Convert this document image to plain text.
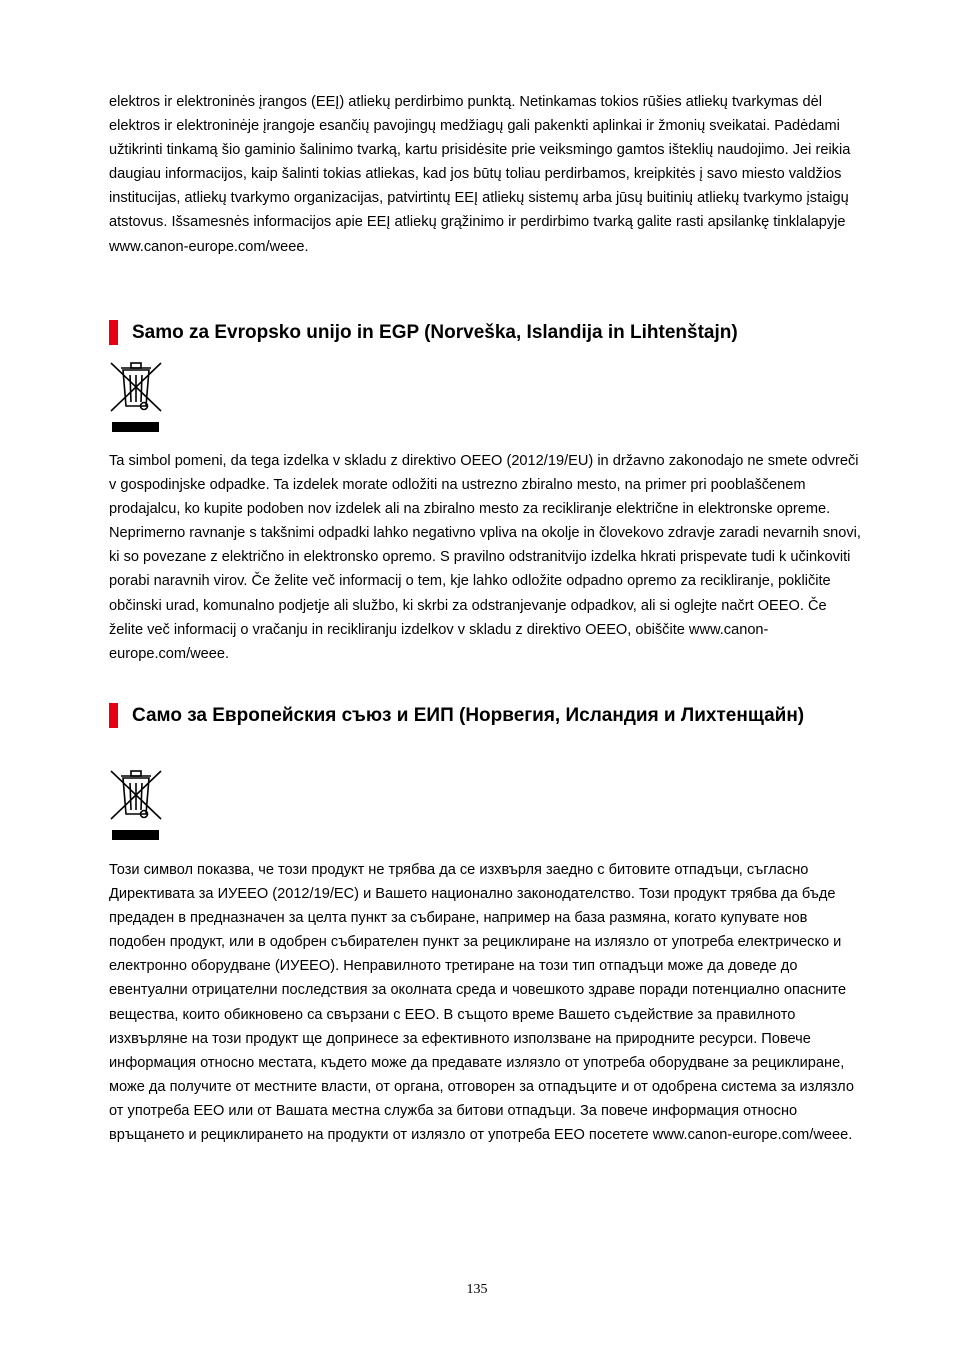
elektros ir elektroninės įrangos (EEĮ) atliekų perdirbimo punktą. Netinkamas tokios rūšies atliekų tvarkymas dėl elektros ir elektroninėje įrangoje esančių pavojingų medžiagų gali pakenkti aplinkai ir žmonių sveikatai. Padėdami užtikrinti tinkamą šio gaminio šalinimo tvarką, kartu prisidėsite prie veiksmingo gamtos išteklių naudojimo. Jei reikia daugiau informacijos, kaip šalinti tokias atliekas, kad jos būtų toliau perdirbamos, kreipkitės į savo miesto valdžios institucijas, atliekų tvarkymo organizacijas, patvirtintų EEĮ atliekų sistemų arba jūsų buitinių atliekų tvarkymo įstaigų atstovus. Išsamesnės informacijos apie EEĮ atliekų grąžinimo ir perdirbimo tvarką galite rasti apsilankę tinklalapyje www.canon-europe.com/weee.

Samo za Evropsko unijo in EGP (Norveška, Islandija in Lihtenštajn)

Ta simbol pomeni, da tega izdelka v skladu z direktivo OEEO (2012/19/EU) in državno zakonodajo ne smete odvreči v gospodinjske odpadke. Ta izdelek morate odložiti na ustrezno zbiralno mesto, na primer pri pooblaščenem prodajalcu, ko kupite podoben nov izdelek ali na zbiralno mesto za recikliranje električne in elektronske opreme. Neprimerno ravnanje s takšnimi odpadki lahko negativno vpliva na okolje in človekovo zdravje zaradi nevarnih snovi, ki so povezane z električno in elektronsko opremo. S pravilno odstranitvijo izdelka hkrati prispevate tudi k učinkoviti porabi naravnih virov. Če želite več informacij o tem, kje lahko odložite odpadno opremo za recikliranje, pokličite občinski urad, komunalno podjetje ali službo, ki skrbi za odstranjevanje odpadkov, ali si oglejte načrt OEEO. Če želite več informacij o vračanju in recikliranju izdelkov v skladu z direktivo OEEO, obiščite www.canon-europe.com/weee.

Само за Европейския съюз и ЕИП (Норвегия, Исландия и Лихтенщайн)

Този символ показва, че този продукт не трябва да се изхвърля заедно с битовите отпадъци, съгласно Директивата за ИУЕЕО (2012/19/ЕС) и Вашето национално законодателство. Този продукт трябва да бъде предаден в предназначен за целта пункт за събиране, например на база размяна, когато купувате нов подобен продукт, или в одобрен събирателен пункт за рециклиране на излязло от употреба електрическо и електронно оборудване (ИУЕЕО). Неправилното третиране на този тип отпадъци може да доведе до евентуални отрицателни последствия за околната среда и човешкото здраве поради потенциално опасните вещества, които обикновено са свързани с ЕЕО. В същото време Вашето съдействие за правилното изхвърляне на този продукт ще допринесе за ефективното използване на природните ресурси. Повече информация относно местата, където може да предавате излязло от употреба оборудване за рециклиране, може да получите от местните власти, от органа, отговорен за отпадъците и от одобрена система за излязло от употреба ЕЕО или от Вашата местна служба за битови отпадъци. За повече информация относно връщането и рециклирането на продукти от излязло от употреба ЕЕО посетете www.canon-europe.com/weee.

135
